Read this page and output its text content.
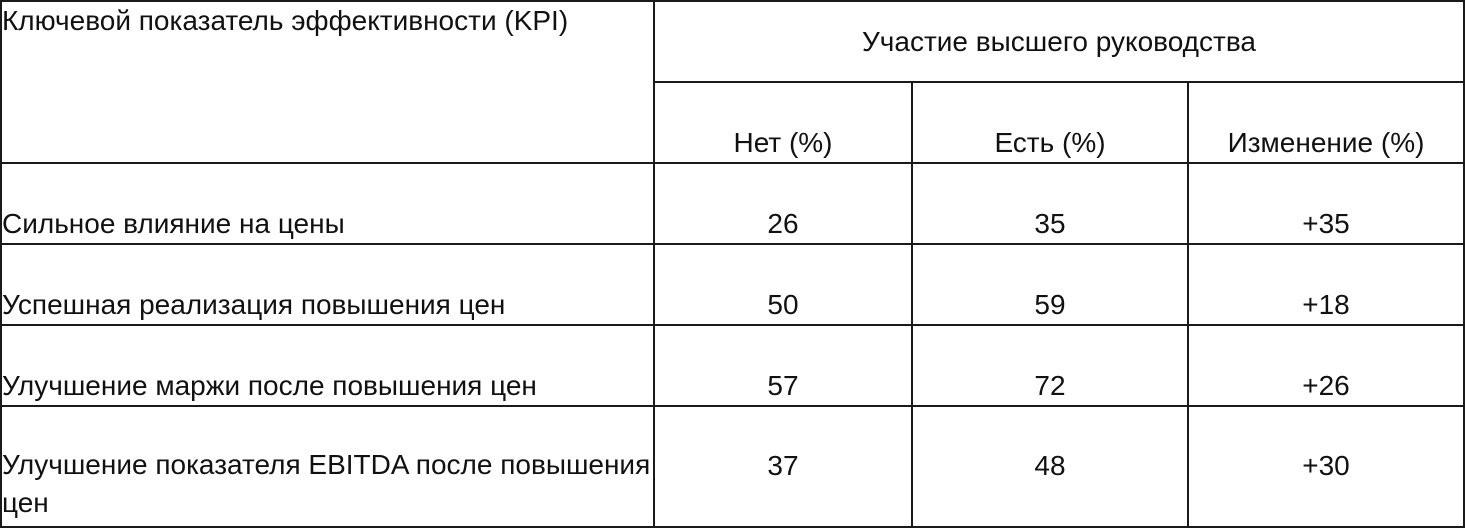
Ключевой показатель эффективности (KPI)	Участие высшего руководства		
	Нет (%)	Есть (%)	Изменение (%)
Сильное влияние на цены	26	35	+35
Успешная реализация повышения цен	50	59	+18
Улучшение маржи после повышения цен	57	72	+26
Улучшение показателя EBITDA после повышения цен	37	48	+30
